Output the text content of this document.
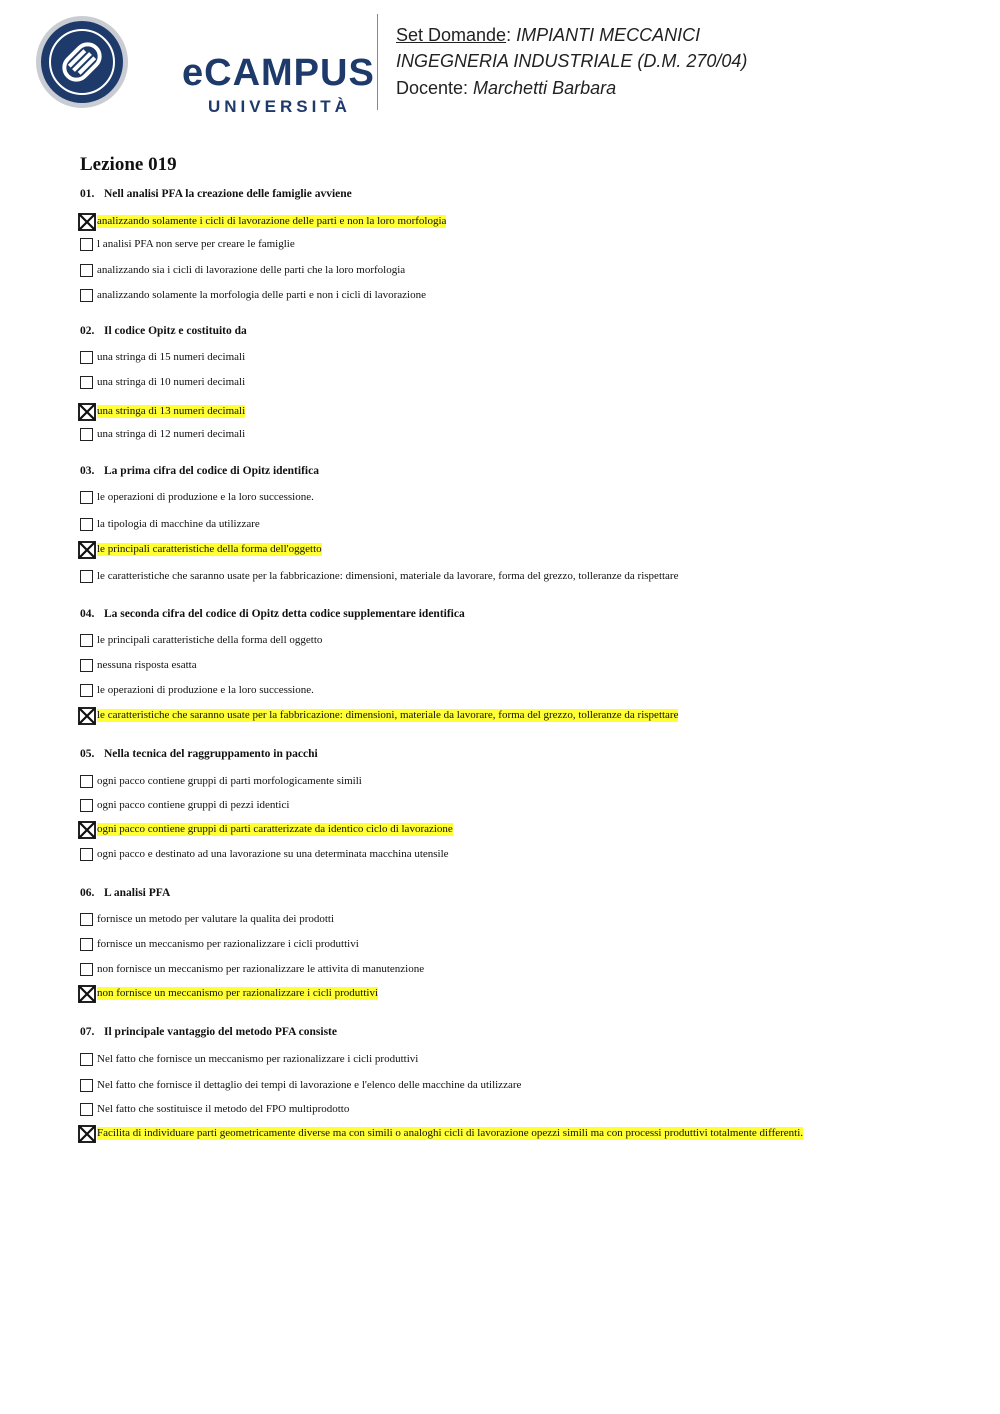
eCAMPUS
UNIVERSITÀ
Set Domande: IMPIANTI MECCANICI
INGEGNERIA INDUSTRIALE (D.M. 270/04)
Docente: Marchetti Barbara
Lezione 019
01. Nell analisi PFA la creazione delle famiglie avviene
analizzando solamente i cicli di lavorazione delle parti e non la loro morfologia
l analisi PFA non serve per creare le famiglie
analizzando sia i cicli di lavorazione delle parti che la loro morfologia
analizzando solamente la morfologia delle parti e non i cicli di lavorazione
02. Il codice Opitz e costituito da
una stringa di 15 numeri decimali
una stringa di 10 numeri decimali
una stringa di 13 numeri decimali
una stringa di 12 numeri decimali
03. La prima cifra del codice di Opitz identifica
le operazioni di produzione e la loro successione.
la tipologia di macchine da utilizzare
le principali caratteristiche della forma dell'oggetto
le caratteristiche che saranno usate per la fabbricazione: dimensioni, materiale da lavorare, forma del grezzo, tolleranze da rispettare
04. La seconda cifra del codice di Opitz detta codice supplementare identifica
le principali caratteristiche della forma dell oggetto
nessuna risposta esatta
le operazioni di produzione e la loro successione.
le caratteristiche che saranno usate per la fabbricazione: dimensioni, materiale da lavorare, forma del grezzo, tolleranze da rispettare
05. Nella tecnica del raggruppamento in pacchi
ogni pacco contiene gruppi di parti morfologicamente simili
ogni pacco contiene gruppi di pezzi identici
ogni pacco contiene gruppi di parti caratterizzate da identico ciclo di lavorazione
ogni pacco e destinato ad una lavorazione su una determinata macchina utensile
06. L analisi PFA
fornisce un metodo per valutare la qualita dei prodotti
fornisce un meccanismo per razionalizzare i cicli produttivi
non fornisce un meccanismo per razionalizzare le attivita di manutenzione
non fornisce un meccanismo per razionalizzare i cicli produttivi
07. Il principale vantaggio del metodo PFA consiste
Nel fatto che fornisce un meccanismo per razionalizzare i cicli produttivi
Nel fatto che fornisce il dettaglio dei tempi di lavorazione e l'elenco delle macchine da utilizzare
Nel fatto che sostituisce il metodo del FPO multiprodotto
Facilita di individuare parti geometricamente diverse ma con simili o analoghi cicli di lavorazione opezzi simili ma con processi produttivi totalmente differenti.
